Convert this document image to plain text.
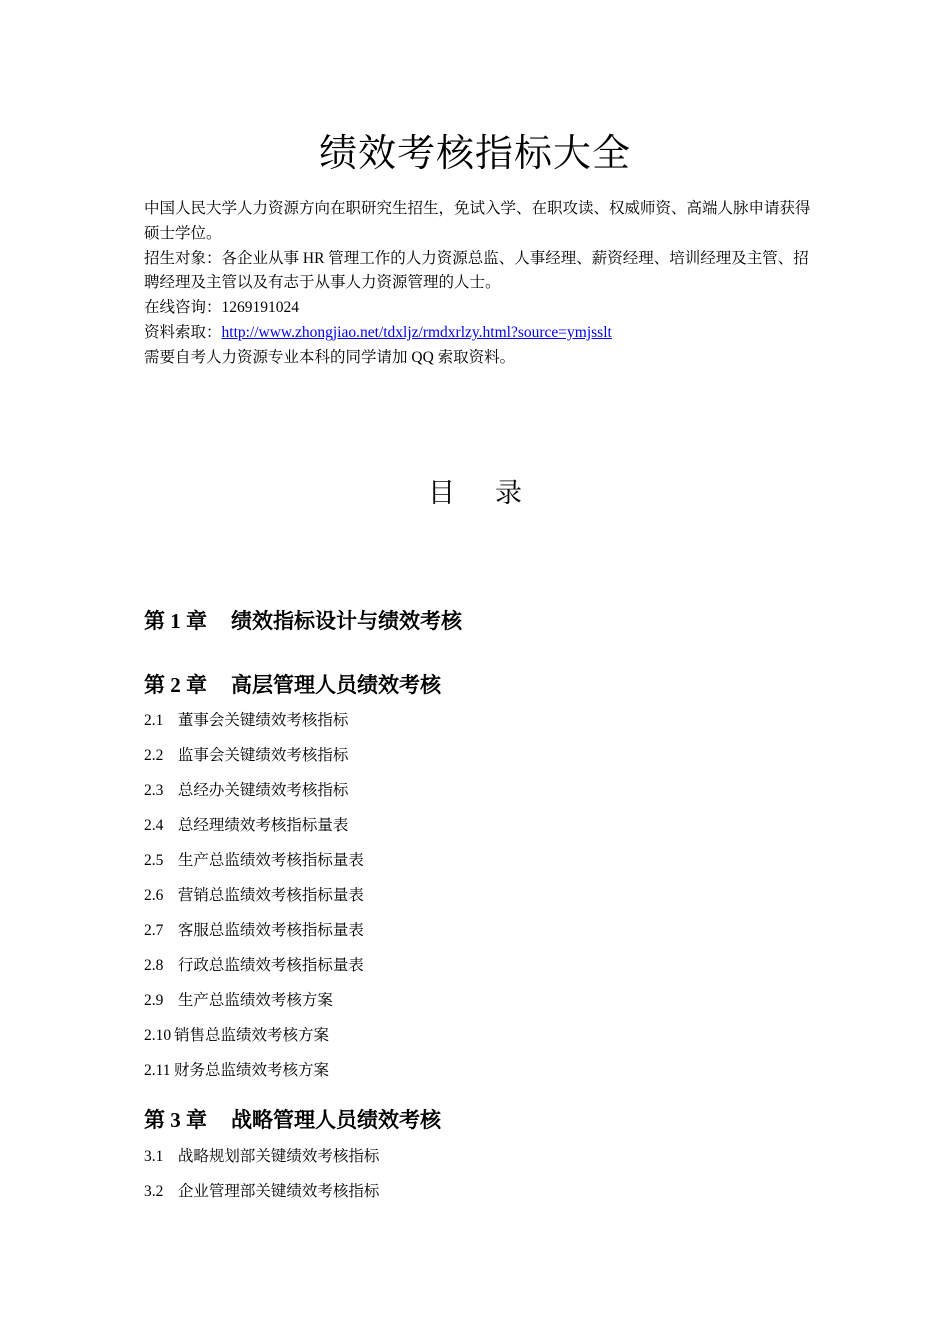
绩效考核指标大全

中国人民大学人力资源方向在职研究生招生，免试入学、在职攻读、权威师资、高端人脉申请获得硕士学位。

招生对象：各企业从事 HR 管理工作的人力资源总监、人事经理、薪资经理、培训经理及主管、招聘经理及主管以及有志于从事人力资源管理的人士。

在线咨询：1269191024

资料索取：http://www.zhongjiao.net/tdxljz/rmdxrlzy.html?source=ymjsslt

需要自考人力资源专业本科的同学请加 QQ 索取资料。

目 录
第 1 章 绩效指标设计与绩效考核
第 2 章 高层管理人员绩效考核
2.1 董事会关键绩效考核指标
2.2 监事会关键绩效考核指标
2.3 总经办关键绩效考核指标
2.4 总经理绩效考核指标量表
2.5 生产总监绩效考核指标量表
2.6 营销总监绩效考核指标量表
2.7 客服总监绩效考核指标量表
2.8 行政总监绩效考核指标量表
2.9 生产总监绩效考核方案
2.10 销售总监绩效考核方案
2.11 财务总监绩效考核方案
第 3 章 战略管理人员绩效考核
3.1 战略规划部关键绩效考核指标
3.2 企业管理部关键绩效考核指标
